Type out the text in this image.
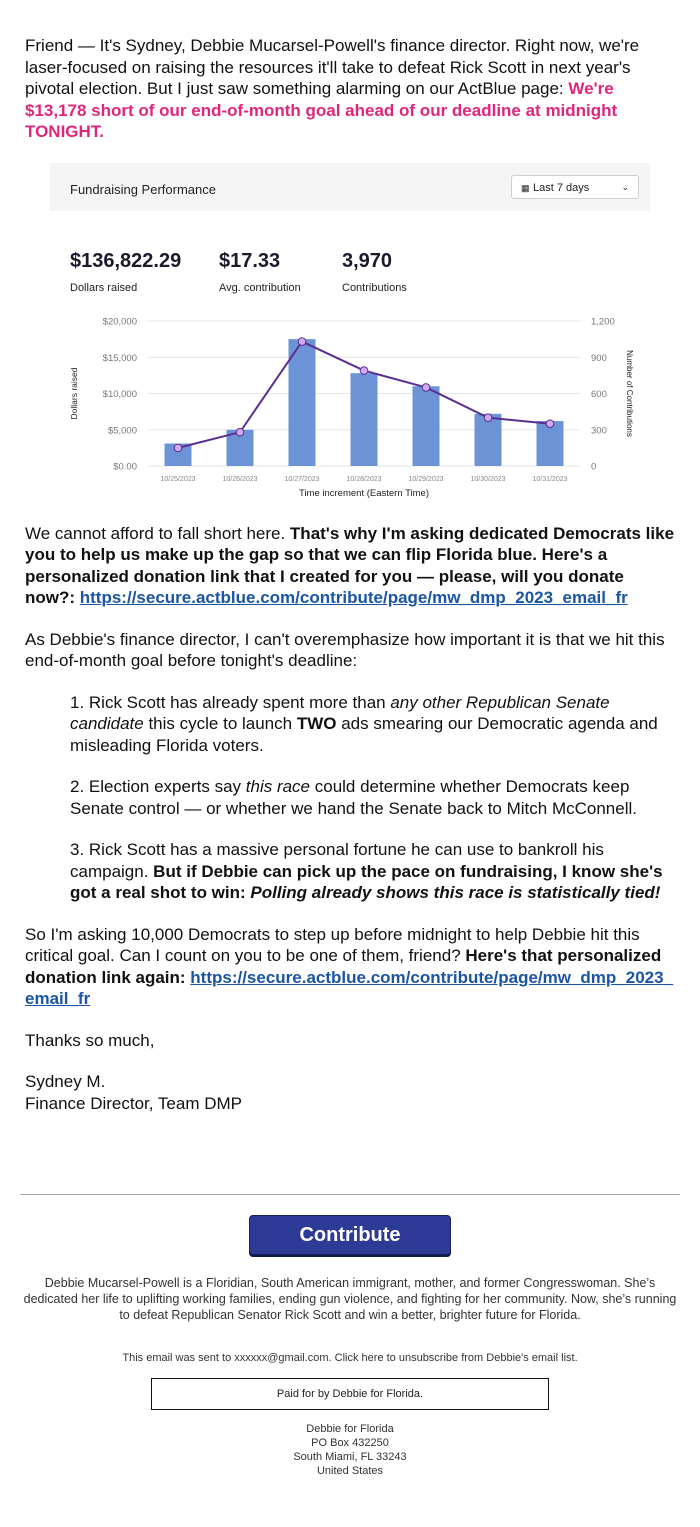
Friend — It's Sydney, Debbie Mucarsel-Powell's finance director. Right now, we're laser-focused on raising the resources it'll take to defeat Rick Scott in next year's pivotal election. But I just saw something alarming on our ActBlue page: We're $13,178 short of our end-of-month goal ahead of our deadline at midnight TONIGHT.

Fundraising Performance	▦ Last 7 days	⌄
$136,822.29
Dollars raised
$17.33
Avg. contribution
3,970
Contributions
$0.00
$5,000
$10,000
$15,000
$20,000
0
300
600
900
1,200
10/25/2023	10/26/2023	10/27/2023	10/28/2023	10/29/2023	10/30/2023	10/31/2023
Time increment (Eastern Time)
Dollars raised	Number of Contributions

We cannot afford to fall short here. That's why I'm asking dedicated Democrats like you to help us make up the gap so that we can flip Florida blue. Here's a personalized donation link that I created for you — please, will you donate now?: https://secure.actblue.com/contribute/page/mw_dmp_2023_email_fr

As Debbie's finance director, I can't overemphasize how important it is that we hit this end-of-month goal before tonight's deadline:

1. Rick Scott has already spent more than any other Republican Senate candidate this cycle to launch TWO ads smearing our Democratic agenda and misleading Florida voters.

2. Election experts say this race could determine whether Democrats keep Senate control — or whether we hand the Senate back to Mitch McConnell.

3. Rick Scott has a massive personal fortune he can use to bankroll his campaign. But if Debbie can pick up the pace on fundraising, I know she's got a real shot to win: Polling already shows this race is statistically tied!

So I'm asking 10,000 Democrats to step up before midnight to help Debbie hit this critical goal. Can I count on you to be one of them, friend? Here's that personalized donation link again: https://secure.actblue.com/contribute/page/mw_dmp_2023_email_fr

Thanks so much,

Sydney M.
Finance Director, Team DMP

Contribute
Debbie Mucarsel-Powell is a Floridian, South American immigrant, mother, and former Congresswoman. She’s dedicated her life to uplifting working families, ending gun violence, and fighting for her community. Now, she’s running to defeat Republican Senator Rick Scott and win a better, brighter future for Florida.
This email was sent to xxxxxx@gmail.com. Click here to unsubscribe from Debbie's email list.
Paid for by Debbie for Florida.
Debbie for Florida
PO Box 432250
South Miami, FL 33243
United States
